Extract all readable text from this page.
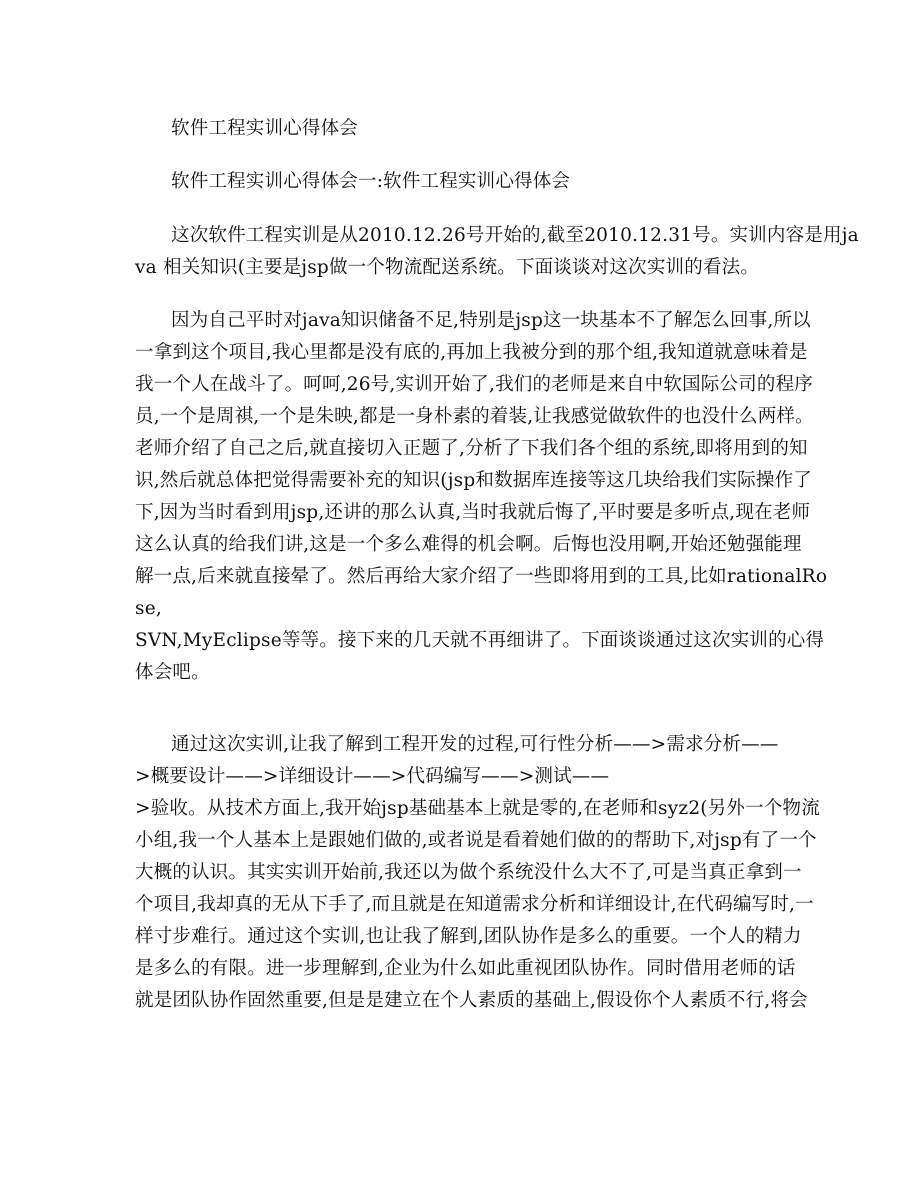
软件工程实训心得体会
软件工程实训心得体会一:软件工程实训心得体会
这次软件工程实训是从2010.12.26号开始的,截至2010.12.31号。实训内容是用ja
va 相关知识(主要是jsp做一个物流配送系统。下面谈谈对这次实训的看法。
因为自己平时对java知识储备不足,特别是jsp这一块基本不了解怎么回事,所以
一拿到这个项目,我心里都是没有底的,再加上我被分到的那个组,我知道就意味着是
我一个人在战斗了。呵呵,26号,实训开始了,我们的老师是来自中软国际公司的程序
员,一个是周祺,一个是朱映,都是一身朴素的着装,让我感觉做软件的也没什么两样。
老师介绍了自己之后,就直接切入正题了,分析了下我们各个组的系统,即将用到的知
识,然后就总体把觉得需要补充的知识(jsp和数据库连接等这几块给我们实际操作了
下,因为当时看到用jsp,还讲的那么认真,当时我就后悔了,平时要是多听点,现在老师
这么认真的给我们讲,这是一个多么难得的机会啊。后悔也没用啊,开始还勉强能理
解一点,后来就直接晕了。然后再给大家介绍了一些即将用到的工具,比如rationalRo
se,
SVN,MyEclipse等等。接下来的几天就不再细讲了。下面谈谈通过这次实训的心得
体会吧。
通过这次实训,让我了解到工程开发的过程,可行性分析——>需求分析——
>概要设计——>详细设计——>代码编写——>测试——
>验收。从技术方面上,我开始jsp基础基本上就是零的,在老师和syz2(另外一个物流
小组,我一个人基本上是跟她们做的,或者说是看着她们做的的帮助下,对jsp有了一个
大概的认识。其实实训开始前,我还以为做个系统没什么大不了,可是当真正拿到一
个项目,我却真的无从下手了,而且就是在知道需求分析和详细设计,在代码编写时,一
样寸步难行。通过这个实训,也让我了解到,团队协作是多么的重要。一个人的精力
是多么的有限。进一步理解到,企业为什么如此重视团队协作。同时借用老师的话
就是团队协作固然重要,但是是建立在个人素质的基础上,假设你个人素质不行,将会
